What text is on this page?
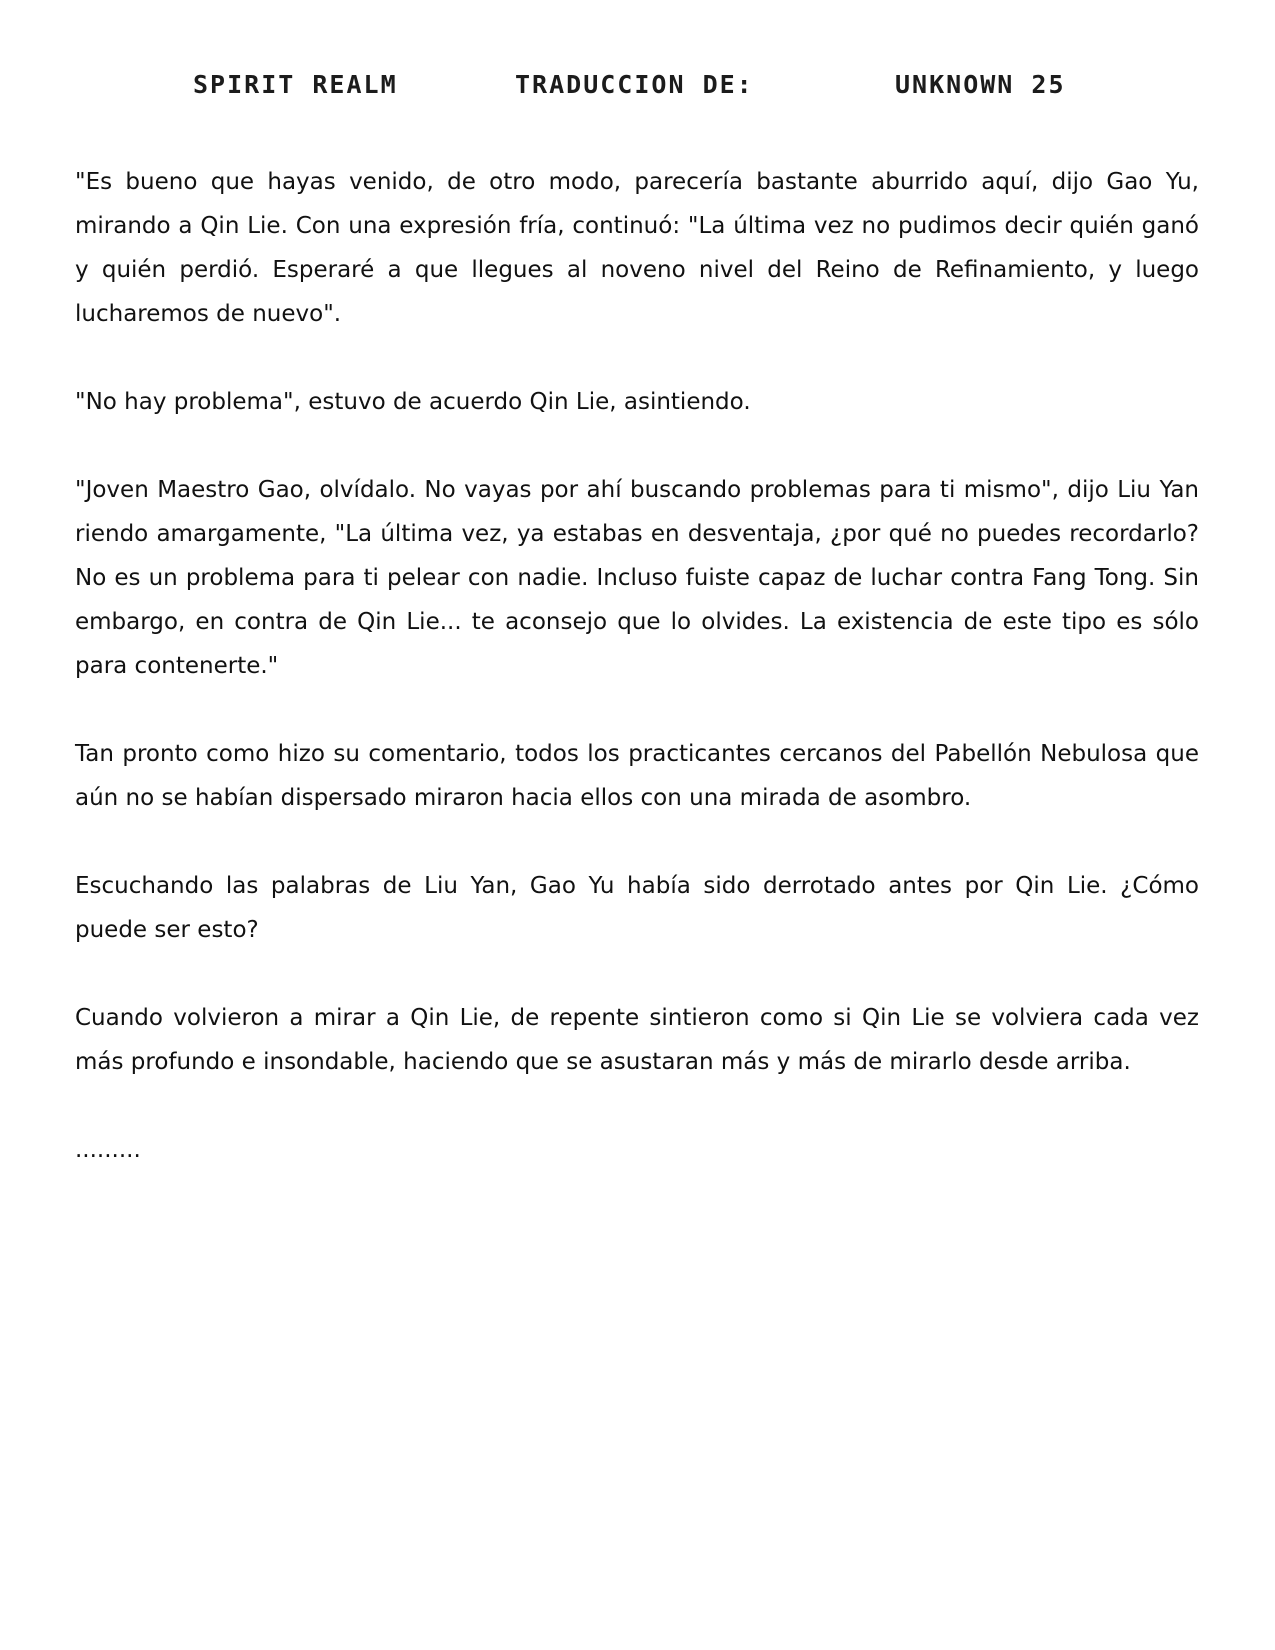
SPIRIT REALM	TRADUCCION DE:	UNKNOWN 25

"Es bueno que hayas venido, de otro modo, parecería bastante aburrido aquí, dijo Gao Yu, mirando a Qin Lie. Con una expresión fría, continuó: "La última vez no pudimos decir quién ganó y quién perdió. Esperaré a que llegues al noveno nivel del Reino de Refinamiento, y luego lucharemos de nuevo".

"No hay problema", estuvo de acuerdo Qin Lie, asintiendo.

"Joven Maestro Gao, olvídalo. No vayas por ahí buscando problemas para ti mismo", dijo Liu Yan riendo amargamente, "La última vez, ya estabas en desventaja, ¿por qué no puedes recordarlo? No es un problema para ti pelear con nadie. Incluso fuiste capaz de luchar contra Fang Tong. Sin embargo, en contra de Qin Lie... te aconsejo que lo olvides. La existencia de este tipo es sólo para contenerte."

Tan pronto como hizo su comentario, todos los practicantes cercanos del Pabellón Nebulosa que aún no se habían dispersado miraron hacia ellos con una mirada de asombro.

Escuchando las palabras de Liu Yan, Gao Yu había sido derrotado antes por Qin Lie. ¿Cómo puede ser esto?

Cuando volvieron a mirar a Qin Lie, de repente sintieron como si Qin Lie se volviera cada vez más profundo e insondable, haciendo que se asustaran más y más de mirarlo desde arriba.

.........
